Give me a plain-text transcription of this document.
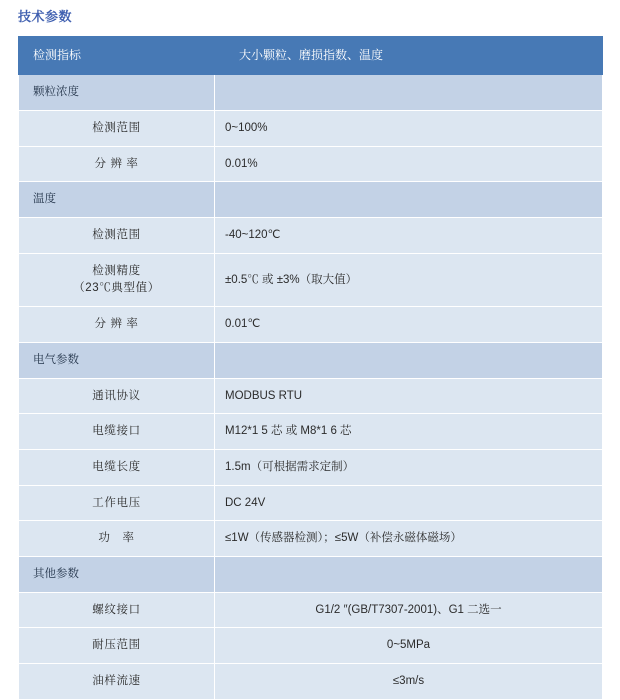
技术参数
检测指标	大小颗粒、磨损指数、温度

颗粒浓度	

检测范围	0~100%

分 辨 率	0.01%

温度	

检测范围	-40~120℃

检测精度
（23℃典型值）	±0.5℃ 或 ±3%（取大值）

分 辨 率	0.01℃

电气参数	

通讯协议	MODBUS RTU

电缆接口	M12*1 5 芯 或 M8*1 6 芯

电缆长度	1.5m（可根据需求定制）

工作电压	DC 24V

功　率	≤1W（传感器检测）；≤5W（补偿永磁体磁场）

其他参数	

螺纹接口	G1/2 ″(GB/T7307-2001)、G1 二选一

耐压范围	0~5MPa

油样流速	≤3m/s
